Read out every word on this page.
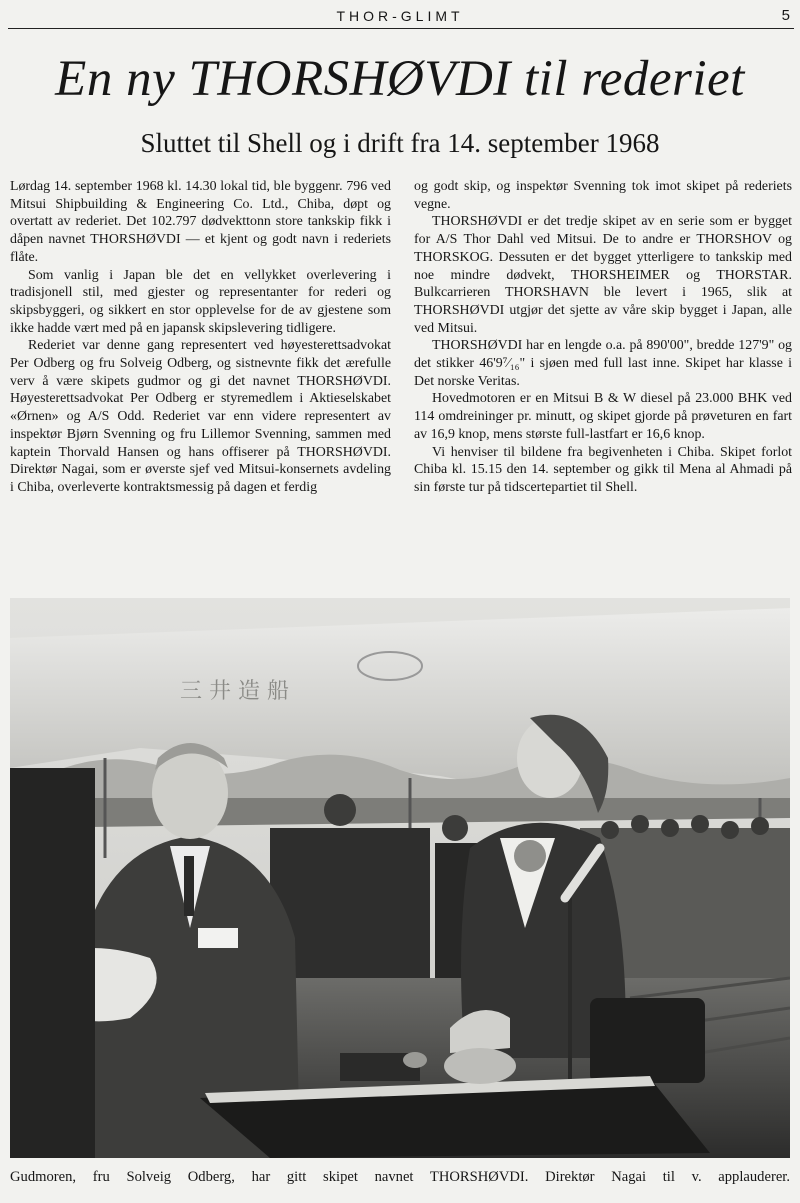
THOR-GLIMT	5
En ny THORSHØVDI til rederiet
Sluttet til Shell og i drift fra 14. september 1968

Lørdag 14. september 1968 kl. 14.30 lokal tid, ble byggenr. 796 ved Mitsui Shipbuilding & Engineering Co. Ltd., Chiba, døpt og overtatt av rederiet. Det 102.797 dødvekttonn store tankskip fikk i dåpen navnet THORSHØVDI — et kjent og godt navn i rederiets flåte.

Som vanlig i Japan ble det en vellykket overlevering i tradisjonell stil, med gjester og representanter for rederi og skipsbyggeri, og sikkert en stor opplevelse for de av gjestene som ikke hadde vært med på en japansk skipslevering tidligere.

Rederiet var denne gang representert ved høyesterettsadvokat Per Odberg og fru Solveig Odberg, og sistnevnte fikk det ærefulle verv å være skipets gudmor og gi det navnet THORSHØVDI. Høyesterettsadvokat Per Odberg er styremedlem i Aktieselskabet «Ørnen» og A/S Odd. Rederiet var enn videre representert av inspektør Bjørn Svenning og fru Lillemor Svenning, sammen med kaptein Thorvald Hansen og hans offiserer på THORSHØVDI. Direktør Nagai, som er øverste sjef ved Mitsui-konsernets avdeling i Chiba, overleverte kontraktsmessig på dagen et ferdig

og godt skip, og inspektør Svenning tok imot skipet på rederiets vegne.

THORSHØVDI er det tredje skipet av en serie som er bygget for A/S Thor Dahl ved Mitsui. De to andre er THORSHOV og THORSKOG. Dessuten er det bygget ytterligere to tankskip med noe mindre dødvekt, THORSHEIMER og THORSTAR. Bulkcarrieren THORSHAVN ble levert i 1965, slik at THORSHØVDI utgjør det sjette av våre skip bygget i Japan, alle ved Mitsui.

THORSHØVDI har en lengde o.a. på 890'00", bredde 127'9" og det stikker 46'9⁷⁄₁₆" i sjøen med full last inne. Skipet har klasse i Det norske Veritas.

Hovedmotoren er en Mitsui B & W diesel på 23.000 BHK ved 114 omdreininger pr. minutt, og skipet gjorde på prøveturen en fart av 16,9 knop, mens største full-lastfart er 16,6 knop.

Vi henviser til bildene fra begivenheten i Chiba. Skipet forlot Chiba kl. 15.15 den 14. september og gikk til Mena al Ahmadi på sin første tur på tidscertepartiet til Shell.

三 井 造 船
Gudmoren, fru Solveig Odberg, har gitt skipet navnet THORSHØVDI. Direktør Nagai til v. applauderer.
